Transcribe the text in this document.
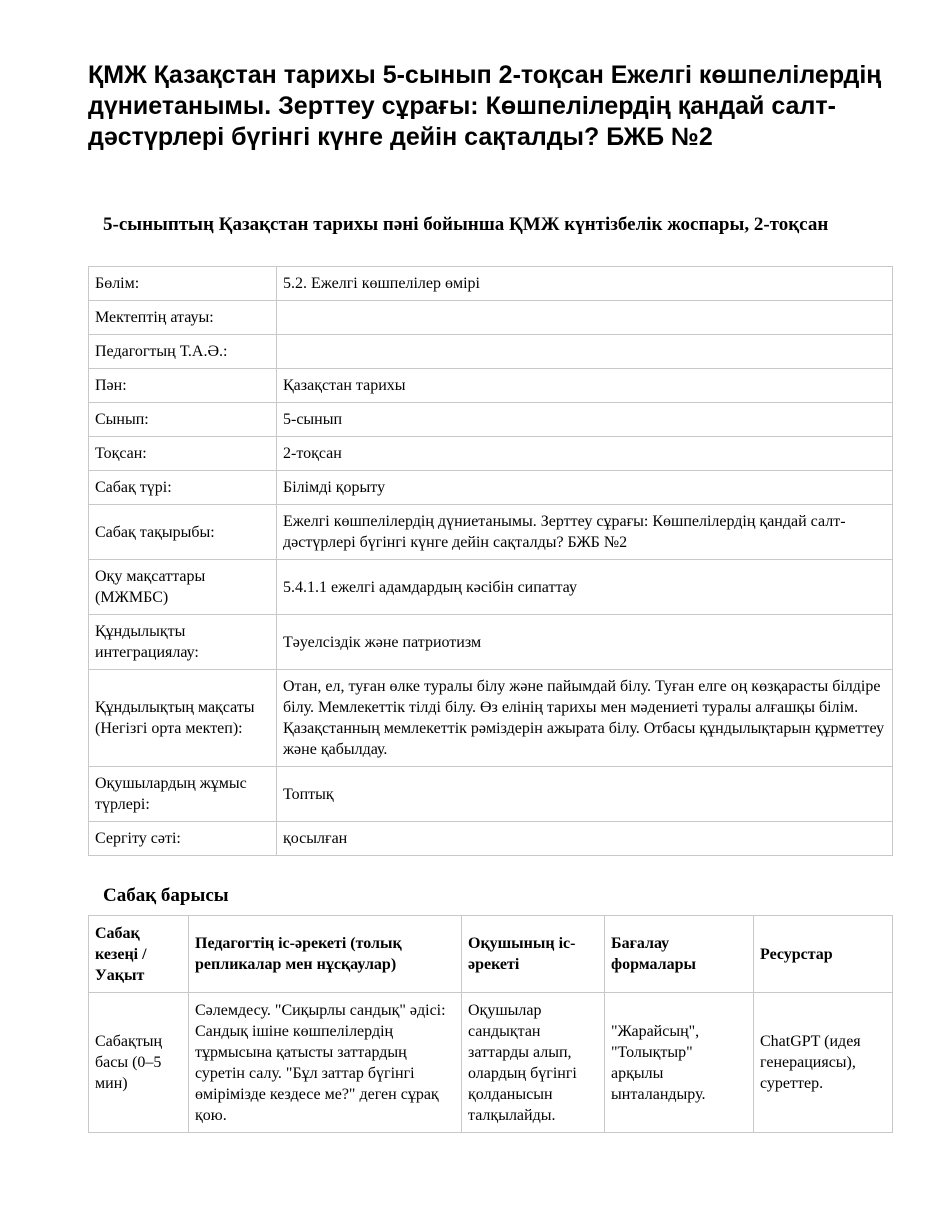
ҚМЖ Қазақстан тарихы 5-сынып 2-тоқсан Ежелгі көшпелілердің дүниетанымы. Зерттеу сұрағы: Көшпелілердің қандай салт-дәстүрлері бүгінгі күнге дейін сақталды? БЖБ №2
5-сыныптың Қазақстан тарихы пәні бойынша ҚМЖ күнтізбелік жоспары, 2-тоқсан
Бөлім:	5.2. Ежелгі көшпелілер өмірі
Мектептің атауы:	
Педагогтың Т.А.Ә.:	
Пән:	Қазақстан тарихы
Сынып:	5-сынып
Тоқсан:	2-тоқсан
Сабақ түрі:	Білімді қорыту
Сабақ тақырыбы:	Ежелгі көшпелілердің дүниетанымы. Зерттеу сұрағы: Көшпелілердің қандай салт-дәстүрлері бүгінгі күнге дейін сақталды? БЖБ №2
Оқу мақсаттары (МЖМБС)	5.4.1.1 ежелгі адамдардың кәсібін сипаттау
Құндылықты интеграциялау:	Тәуелсіздік және патриотизм
Құндылықтың мақсаты (Негізгі орта мектеп):	Отан, ел, туған өлке туралы білу және пайымдай білу. Туған елге оң көзқарасты білдіре білу. Мемлекеттік тілді білу. Өз елінің тарихы мен мәдениеті туралы алғашқы білім. Қазақстанның мемлекеттік рәміздерін ажырата білу. Отбасы құндылықтарын құрметтеу және қабылдау.
Оқушылардың жұмыс түрлері:	Топтық
Сергіту сәті:	қосылған
Сабақ барысы
Сабақ кезеңі / Уақыт	Педагогтің іс-әрекеті (толық репликалар мен нұсқаулар)	Оқушының іс-әрекеті	Бағалау формалары	Ресурстар
Сабақтың басы (0–5 мин)	Сәлемдесу. "Сиқырлы сандық" әдісі: Сандық ішіне көшпелілердің тұрмысына қатысты заттардың суретін салу. "Бұл заттар бүгінгі өмірімізде кездесе ме?" деген сұрақ қою.	Оқушылар сандықтан заттарды алып, олардың бүгінгі қолданысын талқылайды.	"Жарайсың", "Толықтыр" арқылы ынталандыру.	ChatGPT (идея генерациясы), суреттер.
